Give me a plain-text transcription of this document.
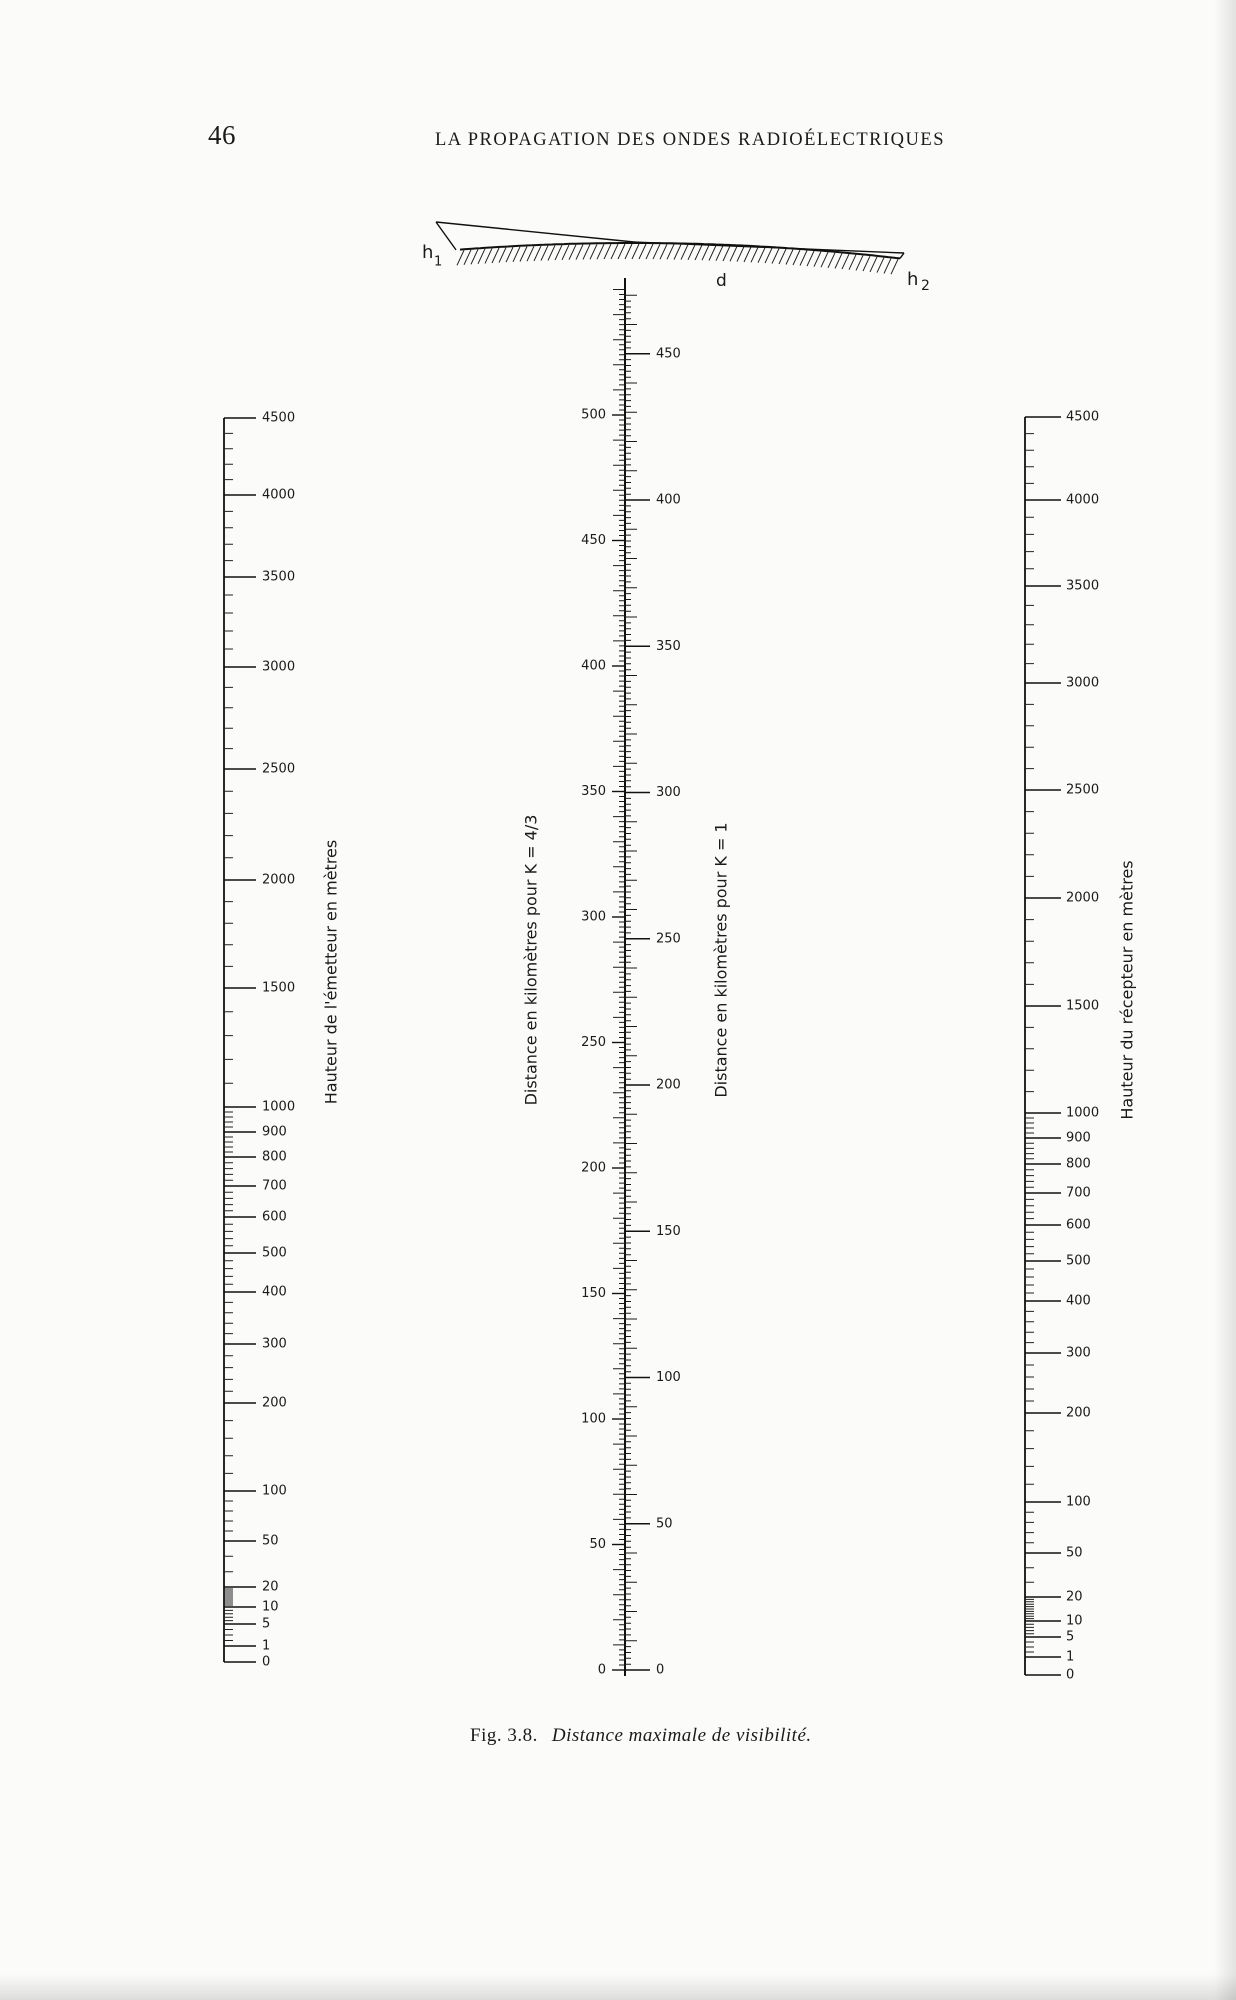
46	LA PROPAGATION DES ONDES RADIOÉLECTRIQUES
h 1
h 2
d
0
1
5
10
20
50
100
200
300
400
500
600
700
800
900
1000
1500
2000
2500
3000
3500
4000
4500
0
50
100
150
200
250
300
350
400
450
500
0
50
100
150
200
250
300
350
400
450
0
1
5
10
20
50
100
200
300
400
500
600
700
800
900
1000
1500
2000
2500
3000
3500
4000
4500
Hauteur de l'émetteur en mètres	Distance en kilomètres pour K = 4/3	Distance en kilomètres pour K = 1	Hauteur du récepteur en mètres
Fig. 3.8. Distance maximale de visibilité.
